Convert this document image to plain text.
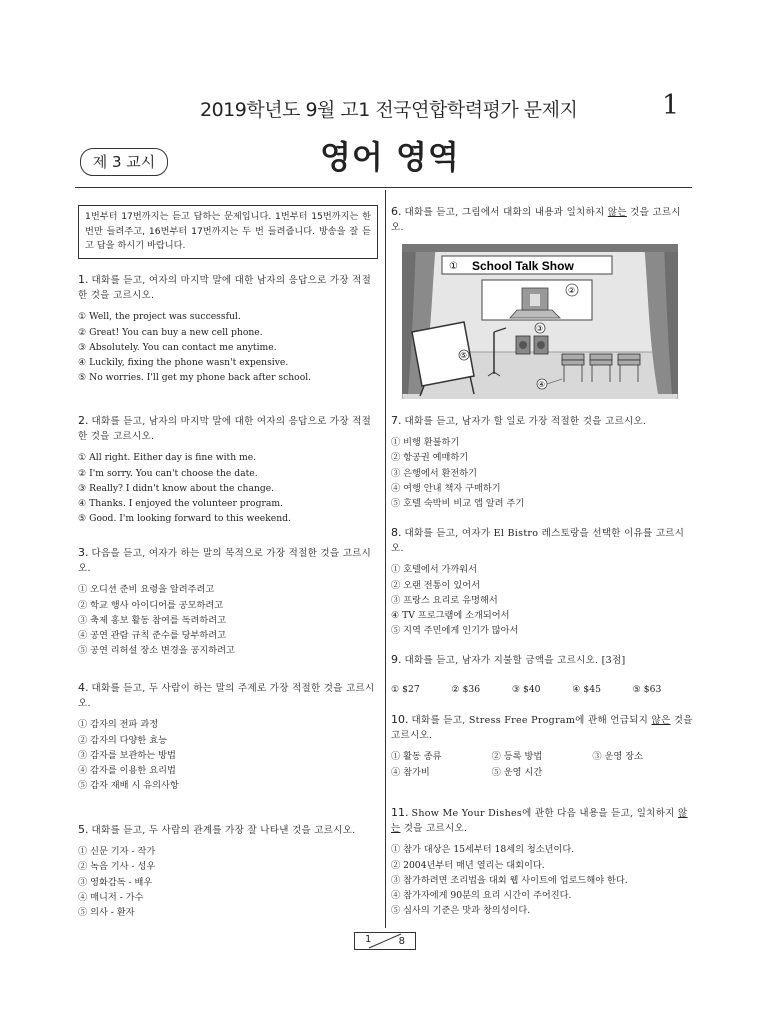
2019학년도 9월 고1 전국연합학력평가 문제지	1
제 3 교시	영어 영역
1번부터 17번까지는 듣고 답하는 문제입니다. 1번부터 15번까지는 한 번만 들려주고, 16번부터 17번까지는 두 번 들려줍니다. 방송을 잘 듣고 답을 하시기 바랍니다.
1. 대화를 듣고, 여자의 마지막 말에 대한 남자의 응답으로 가장 적절한 것을 고르시오.
① Well, the project was successful.
② Great! You can buy a new cell phone.
③ Absolutely. You can contact me anytime.
④ Luckily, fixing the phone wasn't expensive.
⑤ No worries. I'll get my phone back after school.
2. 대화를 듣고, 남자의 마지막 말에 대한 여자의 응답으로 가장 적절한 것을 고르시오.
① All right. Either day is fine with me.
② I'm sorry. You can't choose the date.
③ Really? I didn't know about the change.
④ Thanks. I enjoyed the volunteer program.
⑤ Good. I'm looking forward to this weekend.
3. 다음을 듣고, 여자가 하는 말의 목적으로 가장 적절한 것을 고르시오.
① 오디션 준비 요령을 알려주려고
② 학교 행사 아이디어를 공모하려고
③ 축제 홍보 활동 참여를 독려하려고
④ 공연 관람 규칙 준수를 당부하려고
⑤ 공연 리허설 장소 변경을 공지하려고
4. 대화를 듣고, 두 사람이 하는 말의 주제로 가장 적절한 것을 고르시오.
① 감자의 전파 과정
② 감자의 다양한 효능
③ 감자를 보관하는 방법
④ 감자를 이용한 요리법
⑤ 감자 재배 시 유의사항
5. 대화를 듣고, 두 사람의 관계를 가장 잘 나타낸 것을 고르시오.
① 신문 기자 - 작가
② 녹음 기사 - 성우
③ 영화감독 - 배우
④ 매니저 - 가수
⑤ 의사 - 환자
6. 대화를 듣고, 그림에서 대화의 내용과 일치하지 않는 것을 고르시오.
① School Talk Show
②
③
④
⑤
7. 대화를 듣고, 남자가 할 일로 가장 적절한 것을 고르시오.
① 비행 환불하기
② 항공권 예매하기
③ 은행에서 환전하기
④ 여행 안내 책자 구매하기
⑤ 호텔 숙박비 비교 앱 알려 주기
8. 대화를 듣고, 여자가 El Bistro 레스토랑을 선택한 이유를 고르시오.
① 호텔에서 가까워서
② 오랜 전통이 있어서
③ 프랑스 요리로 유명해서
④ TV 프로그램에 소개되어서
⑤ 지역 주민에게 인기가 많아서
9. 대화를 듣고, 남자가 지불할 금액을 고르시오. [3점]
① $27	② $36	③ $40	④ $45	⑤ $63
10. 대화를 듣고, Stress Free Program에 관해 언급되지 않은 것을 고르시오.
① 활동 종류	② 등록 방법	③ 운영 장소
④ 참가비	⑤ 운영 시간
11. Show Me Your Dishes에 관한 다음 내용을 듣고, 일치하지 않는 것을 고르시오.
① 참가 대상은 15세부터 18세의 청소년이다.
② 2004년부터 매년 열리는 대회이다.
③ 참가하려면 조리법을 대회 웹 사이트에 업로드해야 한다.
④ 참가자에게 90분의 요리 시간이 주어진다.
⑤ 심사의 기준은 맛과 창의성이다.
1	8
